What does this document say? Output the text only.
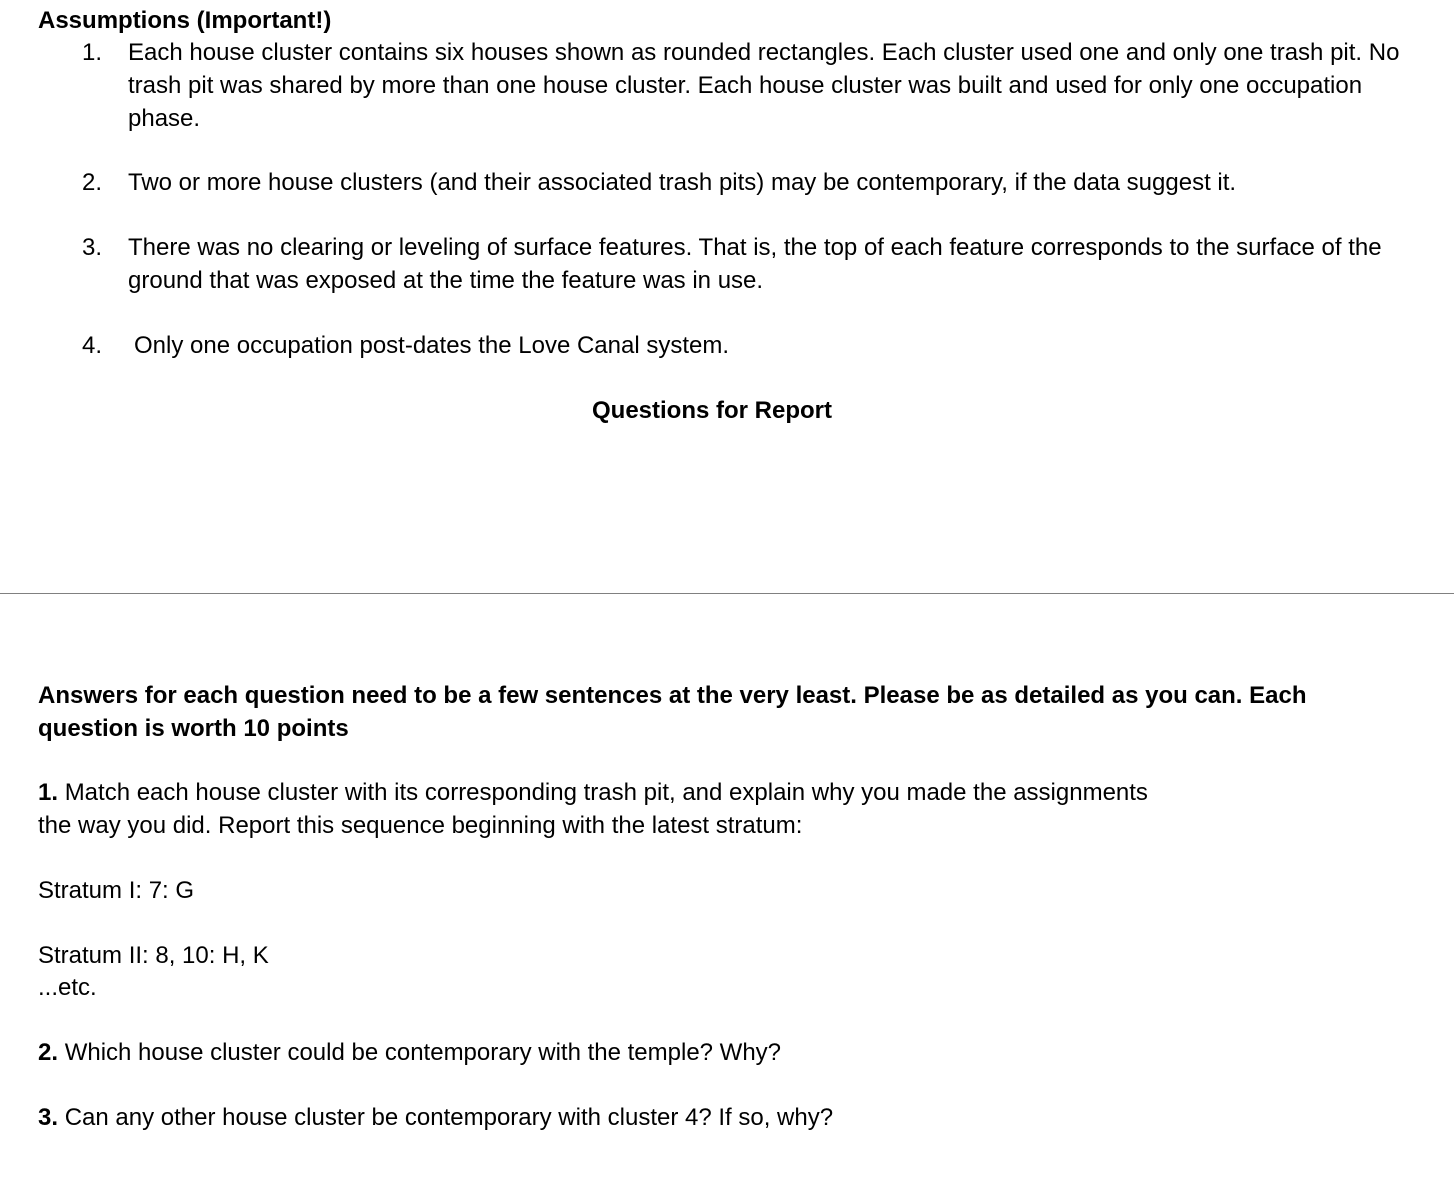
Assumptions (Important!)
1. Each house cluster contains six houses shown as rounded rectangles. Each cluster used one and only one trash pit. No trash pit was shared by more than one house cluster. Each house cluster was built and used for only one occupation phase.
2. Two or more house clusters (and their associated trash pits) may be contemporary, if the data suggest it.
3. There was no clearing or leveling of surface features. That is, the top of each feature corresponds to the surface of the ground that was exposed at the time the feature was in use.
4. Only one occupation post-dates the Love Canal system.
Questions for Report
Answers for each question need to be a few sentences at the very least. Please be as detailed as you can. Each question is worth 10 points
1. Match each house cluster with its corresponding trash pit, and explain why you made the assignments
the way you did. Report this sequence beginning with the latest stratum:
Stratum I: 7: G
Stratum II: 8, 10: H, K
...etc.
2. Which house cluster could be contemporary with the temple? Why?
3. Can any other house cluster be contemporary with cluster 4? If so, why?
